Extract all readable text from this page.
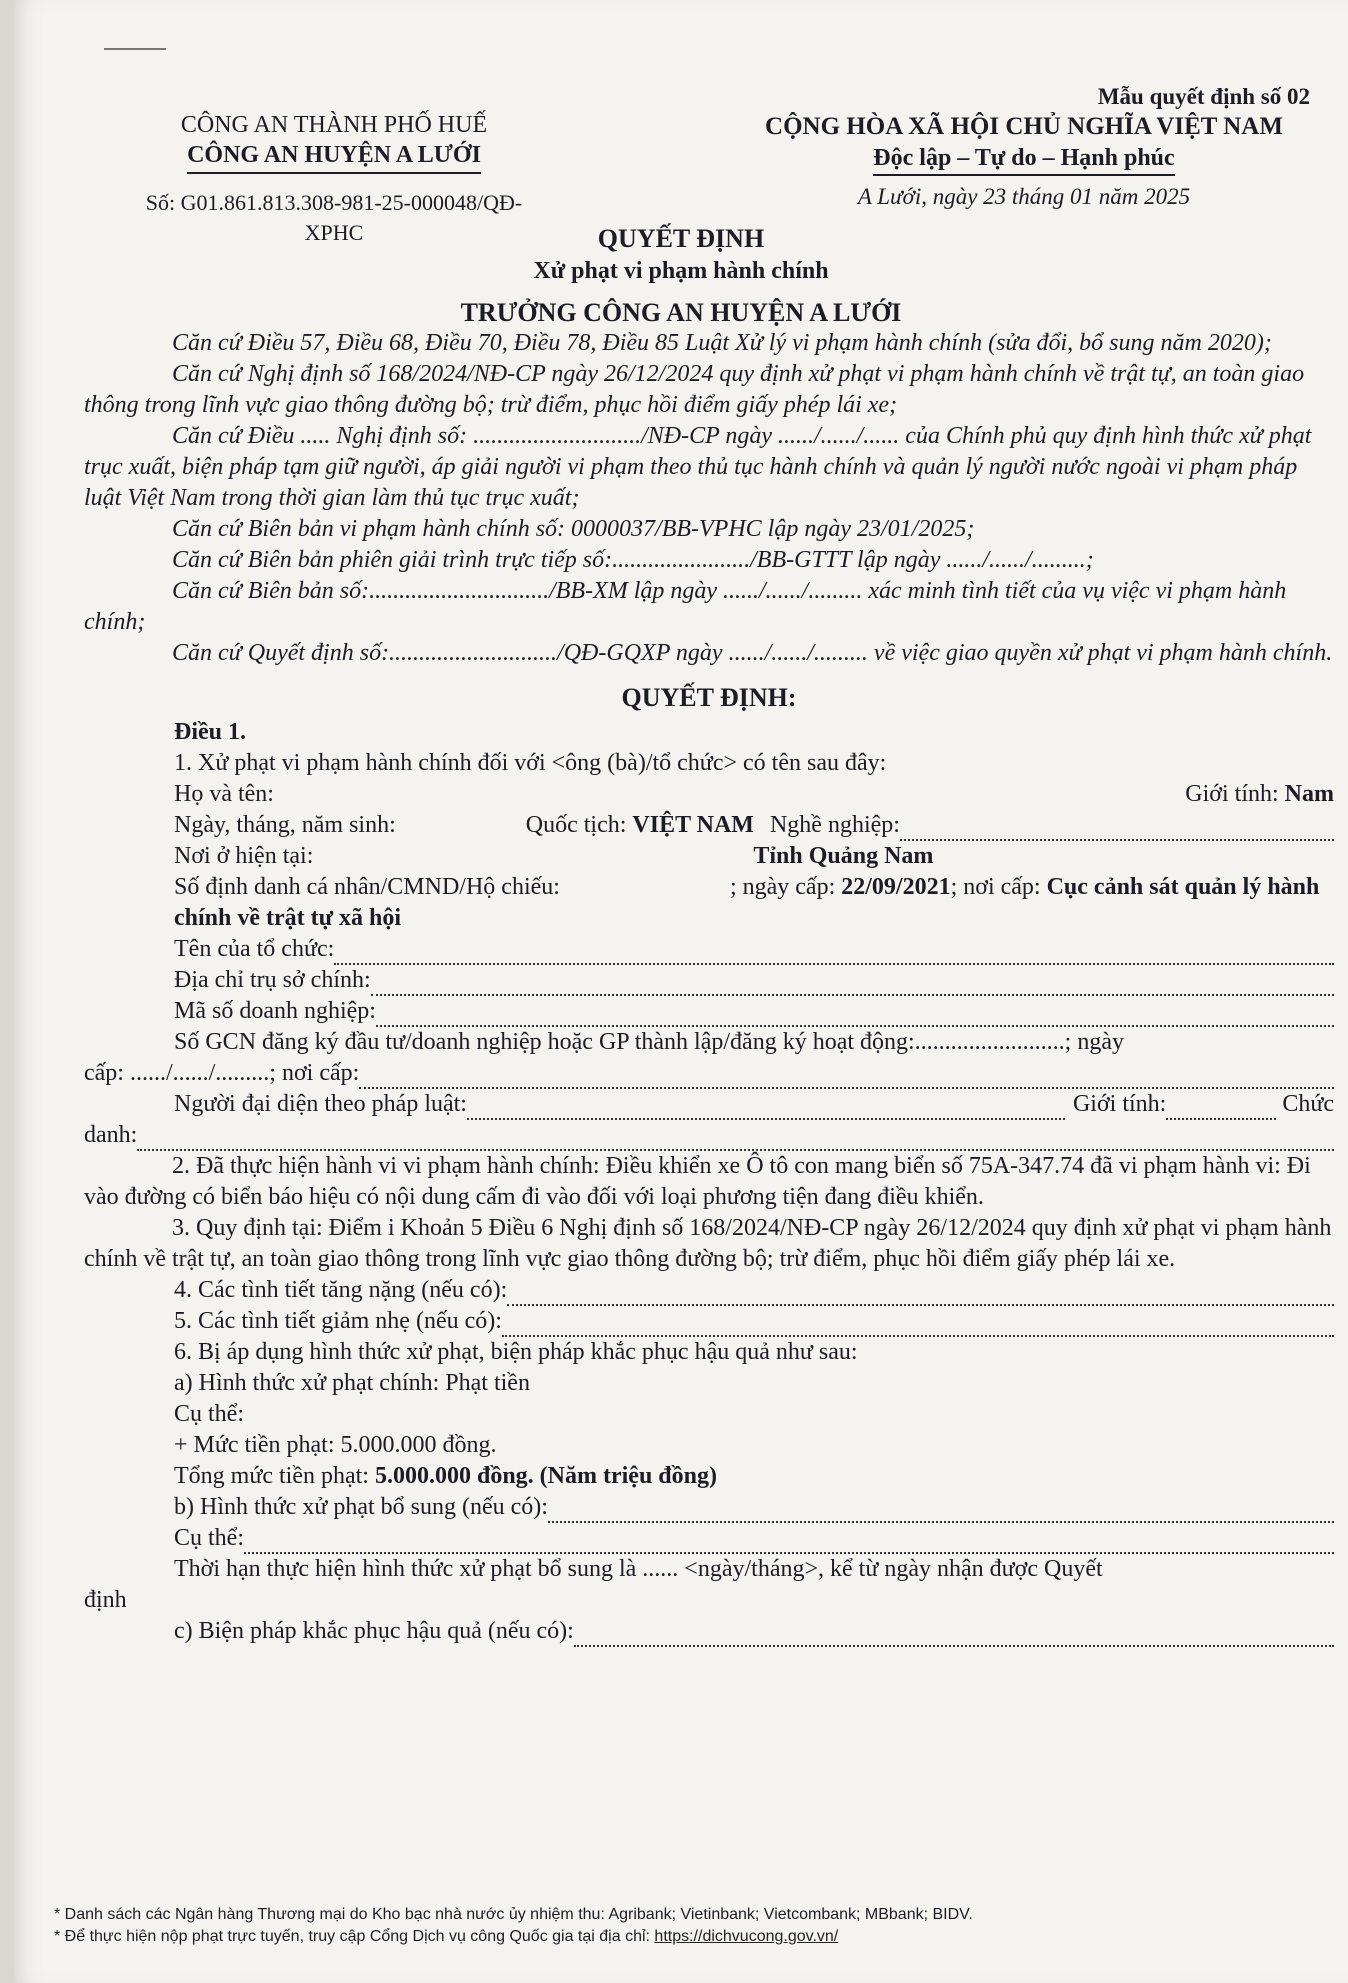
CÔNG AN THÀNH PHỐ HUẾ
CÔNG AN HUYỆN A LƯỚI
Số: G01.861.813.308-981-25-000048/QĐ-XPHC
Mẫu quyết định số 02
CỘNG HÒA XÃ HỘI CHỦ NGHĨA VIỆT NAM
Độc lập – Tự do – Hạnh phúc
A Lưới, ngày 23 tháng 01 năm 2025
QUYẾT ĐỊNH
Xử phạt vi phạm hành chính
TRƯỞNG CÔNG AN HUYỆN A LƯỚI

Căn cứ Điều 57, Điều 68, Điều 70, Điều 78, Điều 85 Luật Xử lý vi phạm hành chính (sửa đổi, bổ sung năm 2020);

Căn cứ Nghị định số 168/2024/NĐ-CP ngày 26/12/2024 quy định xử phạt vi phạm hành chính về trật tự, an toàn giao thông trong lĩnh vực giao thông đường bộ; trừ điểm, phục hồi điểm giấy phép lái xe;

Căn cứ Điều ..... Nghị định số: ............................/NĐ-CP ngày ....../....../...... của Chính phủ quy định hình thức xử phạt trục xuất, biện pháp tạm giữ người, áp giải người vi phạm theo thủ tục hành chính và quản lý người nước ngoài vi phạm pháp luật Việt Nam trong thời gian làm thủ tục trục xuất;

Căn cứ Biên bản vi phạm hành chính số: 0000037/BB-VPHC lập ngày 23/01/2025;

Căn cứ Biên bản phiên giải trình trực tiếp số:......................./BB-GTTT lập ngày ....../....../.........;

Căn cứ Biên bản số:............................../BB-XM lập ngày ....../....../......... xác minh tình tiết của vụ việc vi phạm hành chính;

Căn cứ Quyết định số:............................/QĐ-GQXP ngày ....../....../......... về việc giao quyền xử phạt vi phạm hành chính.

QUYẾT ĐỊNH:

Điều 1.

1. Xử phạt vi phạm hành chính đối với <ông (bà)/tổ chức> có tên sau đây:

Họ và tên:	Giới tính: Nam
Ngày, tháng, năm sinh:	Quốc tịch: VIỆT NAM Nghề nghiệp:
Nơi ở hiện tại:	Tỉnh Quảng Nam

Số định danh cá nhân/CMND/Hộ chiếu:	; ngày cấp: 22/09/2021; nơi cấp: Cục cảnh sát quản lý hành chính về trật tự xã hội

Tên của tổ chức:
Địa chỉ trụ sở chính:
Mã số doanh nghiệp:

Số GCN đăng ký đầu tư/doanh nghiệp hoặc GP thành lập/đăng ký hoạt động:.........................; ngày

cấp: ....../....../.........; nơi cấp:
Người đại diện theo pháp luật:	Giới tính:	Chức
danh:

2. Đã thực hiện hành vi vi phạm hành chính: Điều khiển xe Ô tô con mang biển số 75A-347.74 đã vi phạm hành vi: Đi vào đường có biển báo hiệu có nội dung cấm đi vào đối với loại phương tiện đang điều khiển.

3. Quy định tại: Điểm i Khoản 5 Điều 6 Nghị định số 168/2024/NĐ-CP ngày 26/12/2024 quy định xử phạt vi phạm hành chính về trật tự, an toàn giao thông trong lĩnh vực giao thông đường bộ; trừ điểm, phục hồi điểm giấy phép lái xe.

4. Các tình tiết tăng nặng (nếu có):
5. Các tình tiết giảm nhẹ (nếu có):

6. Bị áp dụng hình thức xử phạt, biện pháp khắc phục hậu quả như sau:

a) Hình thức xử phạt chính: Phạt tiền

Cụ thể:

+ Mức tiền phạt: 5.000.000 đồng.

Tổng mức tiền phạt: 5.000.000 đồng. (Năm triệu đồng)

b) Hình thức xử phạt bổ sung (nếu có):
Cụ thể:

Thời hạn thực hiện hình thức xử phạt bổ sung là ...... <ngày/tháng>, kể từ ngày nhận được Quyết

định

c) Biện pháp khắc phục hậu quả (nếu có):
* Danh sách các Ngân hàng Thương mại do Kho bạc nhà nước ủy nhiệm thu: Agribank; Vietinbank; Vietcombank; MBbank; BIDV.
* Để thực hiện nộp phạt trực tuyến, truy cập Cổng Dịch vụ công Quốc gia tại địa chỉ: https://dichvucong.gov.vn/
